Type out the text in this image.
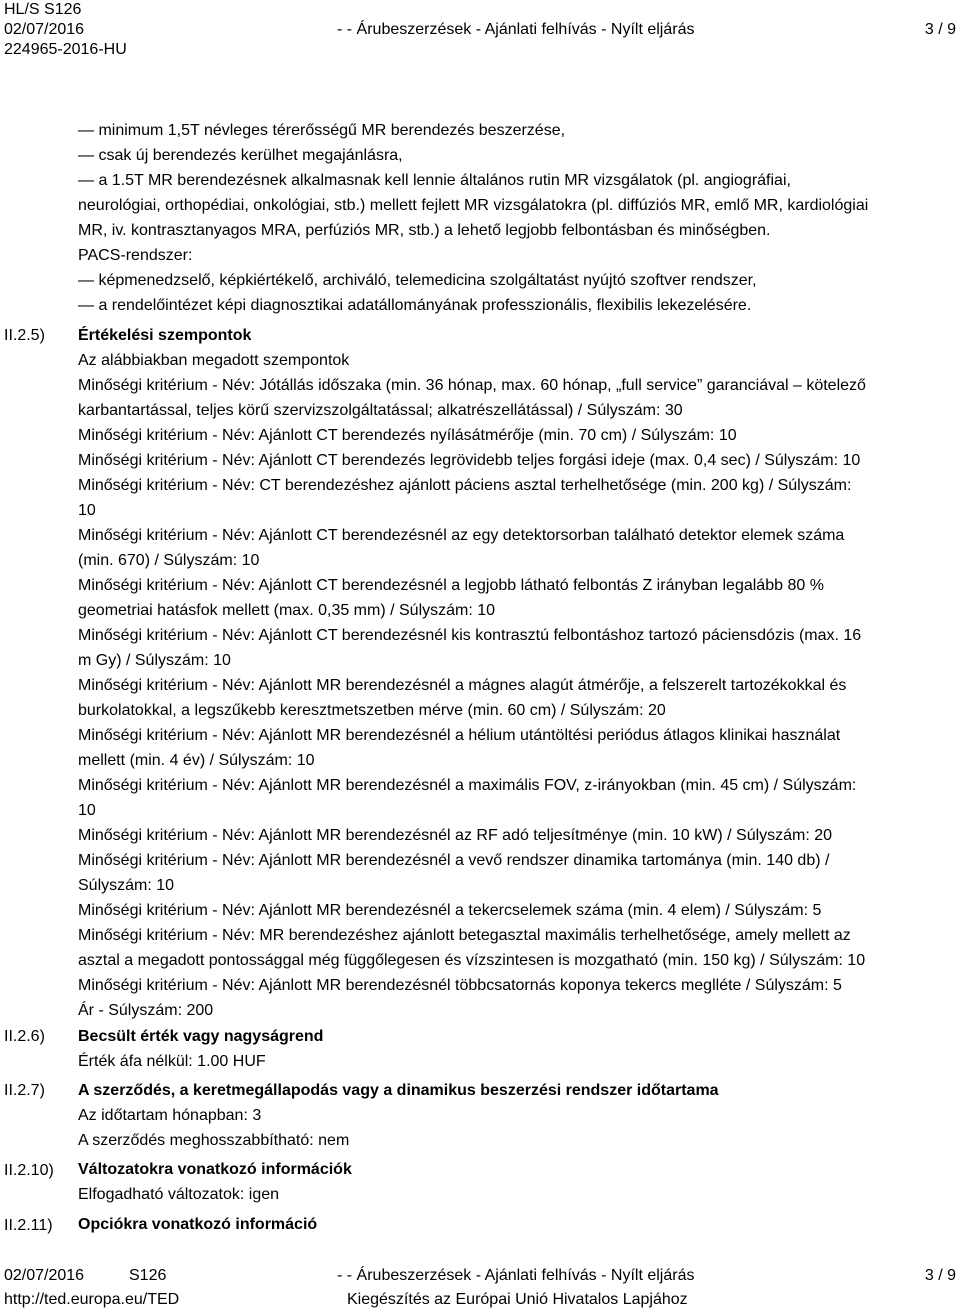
HL/S S126
02/07/2016	- - Árubeszerzések - Ajánlati felhívás - Nyílt eljárás	3 / 9
224965-2016-HU
— minimum 1,5T névleges térerősségű MR berendezés beszerzése,
— csak új berendezés kerülhet megajánlásra,
— a 1.5T MR berendezésnek alkalmasnak kell lennie általános rutin MR vizsgálatok (pl. angiográfiai,
neurológiai, orthopédiai, onkológiai, stb.) mellett fejlett MR vizsgálatokra (pl. diffúziós MR, emlő MR, kardiológiai
MR, iv. kontrasztanyagos MRA, perfúziós MR, stb.) a lehető legjobb felbontásban és minőségben.
PACS-rendszer:
— képmenedzselő, képkiértékelő, archiváló, telemedicina szolgáltatást nyújtó szoftver rendszer,
— a rendelőintézet képi diagnosztikai adatállományának professzionális, flexibilis lekezelésére.
II.2.5) Értékelési szempontok
Az alábbiakban megadott szempontok
Minőségi kritérium - Név: Jótállás időszaka (min. 36 hónap, max. 60 hónap, „full service” garanciával – kötelező
karbantartással, teljes körű szervizszolgáltatással; alkatrészellátással) / Súlyszám: 30
Minőségi kritérium - Név: Ajánlott CT berendezés nyílásátmérője (min. 70 cm) / Súlyszám: 10
Minőségi kritérium - Név: Ajánlott CT berendezés legrövidebb teljes forgási ideje (max. 0,4 sec) / Súlyszám: 10
Minőségi kritérium - Név: CT berendezéshez ajánlott páciens asztal terhelhetősége (min. 200 kg) / Súlyszám:
10
Minőségi kritérium - Név: Ajánlott CT berendezésnél az egy detektorsorban található detektor elemek száma
(min. 670) / Súlyszám: 10
Minőségi kritérium - Név: Ajánlott CT berendezésnél a legjobb látható felbontás Z irányban legalább 80 %
geometriai hatásfok mellett (max. 0,35 mm) / Súlyszám: 10
Minőségi kritérium - Név: Ajánlott CT berendezésnél kis kontrasztú felbontáshoz tartozó páciensdózis (max. 16
m Gy) / Súlyszám: 10
Minőségi kritérium - Név: Ajánlott MR berendezésnél a mágnes alagút átmérője, a felszerelt tartozékokkal és
burkolatokkal, a legszűkebb keresztmetszetben mérve (min. 60 cm) / Súlyszám: 20
Minőségi kritérium - Név: Ajánlott MR berendezésnél a hélium utántöltési periódus átlagos klinikai használat
mellett (min. 4 év) / Súlyszám: 10
Minőségi kritérium - Név: Ajánlott MR berendezésnél a maximális FOV, z-irányokban (min. 45 cm) / Súlyszám:
10
Minőségi kritérium - Név: Ajánlott MR berendezésnél az RF adó teljesítménye (min. 10 kW) / Súlyszám: 20
Minőségi kritérium - Név: Ajánlott MR berendezésnél a vevő rendszer dinamika tartománya (min. 140 db) /
Súlyszám: 10
Minőségi kritérium - Név: Ajánlott MR berendezésnél a tekercselemek száma (min. 4 elem) / Súlyszám: 5
Minőségi kritérium - Név: MR berendezéshez ajánlott betegasztal maximális terhelhetősége, amely mellett az
asztal a megadott pontossággal még függőlegesen és vízszintesen is mozgatható (min. 150 kg) / Súlyszám: 10
Minőségi kritérium - Név: Ajánlott MR berendezésnél többcsatornás koponya tekercs meglléte / Súlyszám: 5
Ár - Súlyszám: 200
II.2.6) Becsült érték vagy nagyságrend
Érték áfa nélkül: 1.00 HUF
II.2.7) A szerződés, a keretmegállapodás vagy a dinamikus beszerzési rendszer időtartama
Az időtartam hónapban: 3
A szerződés meghosszabbítható: nem
II.2.10) Változatokra vonatkozó információk
Elfogadható változatok: igen
II.2.11) Opciókra vonatkozó információ
02/07/2016	S126	- - Árubeszerzések - Ajánlati felhívás - Nyílt eljárás	3 / 9
http://ted.europa.eu/TED	Kiegészítés az Európai Unió Hivatalos Lapjához
